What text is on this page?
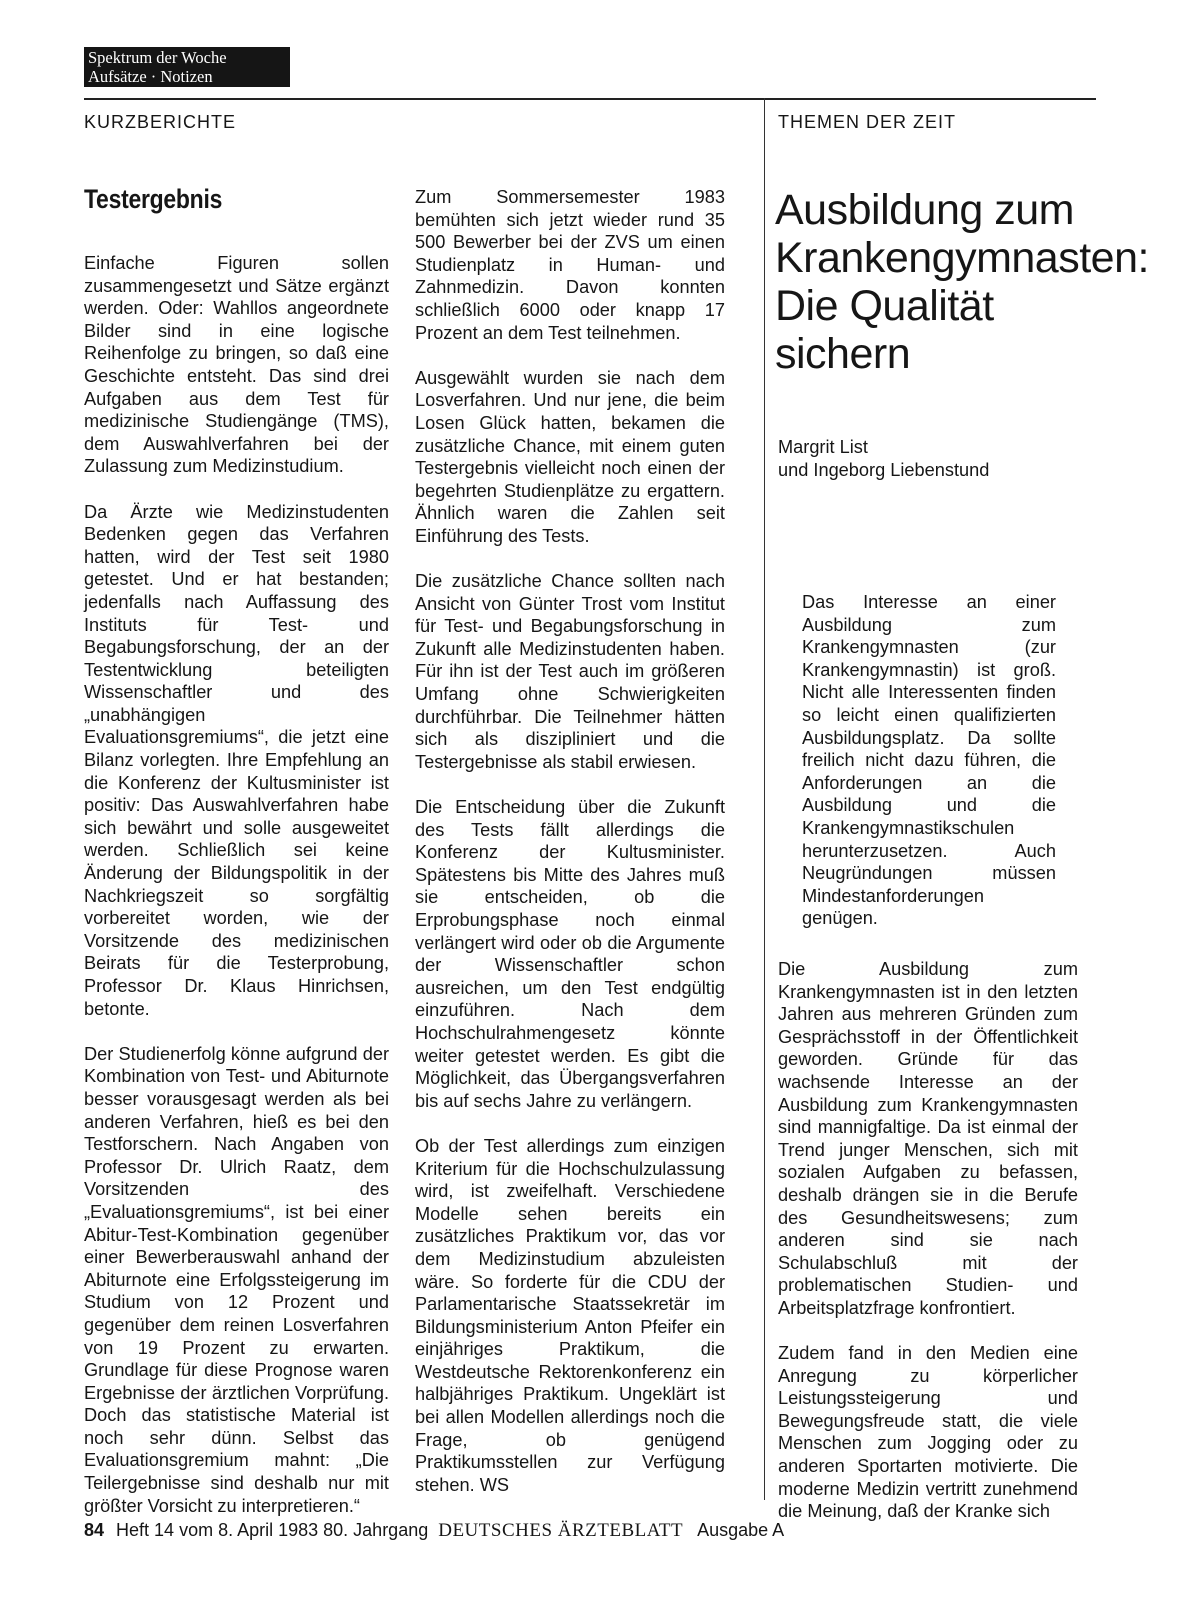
Spektrum der Woche
Aufsätze · Notizen
KURZBERICHTE	THEMEN DER ZEIT
Testergebnis

Einfache Figuren sollen zusammengesetzt und Sätze ergänzt werden. Oder: Wahllos angeordnete Bilder sind in eine logische Reihenfolge zu bringen, so daß eine Geschichte entsteht. Das sind drei Aufgaben aus dem Test für medizinische Studiengänge (TMS), dem Auswahlverfahren bei der Zulassung zum Medizinstudium.

Da Ärzte wie Medizinstudenten Bedenken gegen das Verfahren hatten, wird der Test seit 1980 getestet. Und er hat bestanden; jedenfalls nach Auffassung des Instituts für Test- und Begabungsforschung, der an der Testentwicklung beteiligten Wissenschaftler und des „unabhängigen Evaluationsgremiums“, die jetzt eine Bilanz vorlegten. Ihre Empfehlung an die Konferenz der Kultusminister ist positiv: Das Auswahlverfahren habe sich bewährt und solle ausgeweitet werden. Schließlich sei keine Änderung der Bildungspolitik in der Nachkriegszeit so sorgfältig vorbereitet worden, wie der Vorsitzende des medizinischen Beirats für die Testerprobung, Professor Dr. Klaus Hinrichsen, betonte.

Der Studienerfolg könne aufgrund der Kombination von Test- und Abiturnote besser vorausgesagt werden als bei anderen Verfahren, hieß es bei den Testforschern. Nach Angaben von Professor Dr. Ulrich Raatz, dem Vorsitzenden des „Evaluationsgremiums“, ist bei einer Abitur-Test-Kombination gegenüber einer Bewerberauswahl anhand der Abiturnote eine Erfolgssteigerung im Studium von 12 Prozent und gegenüber dem reinen Losverfahren von 19 Prozent zu erwarten. Grundlage für diese Prognose waren Ergebnisse der ärztlichen Vorprüfung. Doch das statistische Material ist noch sehr dünn. Selbst das Evaluationsgremium mahnt: „Die Teilergebnisse sind deshalb nur mit größter Vorsicht zu interpretieren.“

Zum Sommersemester 1983 bemühten sich jetzt wieder rund 35 500 Bewerber bei der ZVS um einen Studienplatz in Human- und Zahnmedizin. Davon konnten schließlich 6000 oder knapp 17 Prozent an dem Test teilnehmen.

Ausgewählt wurden sie nach dem Losverfahren. Und nur jene, die beim Losen Glück hatten, bekamen die zusätzliche Chance, mit einem guten Testergebnis vielleicht noch einen der begehrten Studienplätze zu ergattern. Ähnlich waren die Zahlen seit Einführung des Tests.

Die zusätzliche Chance sollten nach Ansicht von Günter Trost vom Institut für Test- und Begabungsforschung in Zukunft alle Medizinstudenten haben. Für ihn ist der Test auch im größeren Umfang ohne Schwierigkeiten durchführbar. Die Teilnehmer hätten sich als diszipliniert und die Testergebnisse als stabil erwiesen.

Die Entscheidung über die Zukunft des Tests fällt allerdings die Konferenz der Kultusminister. Spätestens bis Mitte des Jahres muß sie entscheiden, ob die Erprobungsphase noch einmal verlängert wird oder ob die Argumente der Wissenschaftler schon ausreichen, um den Test endgültig einzuführen. Nach dem Hochschulrahmengesetz könnte weiter getestet werden. Es gibt die Möglichkeit, das Übergangsverfahren bis auf sechs Jahre zu verlängern.

Ob der Test allerdings zum einzigen Kriterium für die Hochschulzulassung wird, ist zweifelhaft. Verschiedene Modelle sehen bereits ein zusätzliches Praktikum vor, das vor dem Medizinstudium abzuleisten wäre. So forderte für die CDU der Parlamentarische Staatssekretär im Bildungsministerium Anton Pfeifer ein einjähriges Praktikum, die Westdeutsche Rektorenkonferenz ein halbjähriges Praktikum. Ungeklärt ist bei allen Modellen allerdings noch die Frage, ob genügend Praktikumsstellen zur Verfügung stehen. WS

Ausbildung zum Krankengymnasten: Die Qualität sichern
Margrit List
und Ingeborg Liebenstund

Das Interesse an einer Ausbildung zum Krankengymnasten (zur Krankengymnastin) ist groß. Nicht alle Interessenten finden so leicht einen qualifizierten Ausbildungsplatz. Da sollte freilich nicht dazu führen, die Anforderungen an die Ausbildung und die Krankengymnastikschulen herunterzusetzen. Auch Neugründungen müssen Mindestanforderungen genügen.

Die Ausbildung zum Krankengymnasten ist in den letzten Jahren aus mehreren Gründen zum Gesprächsstoff in der Öffentlichkeit geworden. Gründe für das wachsende Interesse an der Ausbildung zum Krankengymnasten sind mannigfaltige. Da ist einmal der Trend junger Menschen, sich mit sozialen Aufgaben zu befassen, deshalb drängen sie in die Berufe des Gesundheitswesens; zum anderen sind sie nach Schulabschluß mit der problematischen Studien- und Arbeitsplatzfrage konfrontiert.

Zudem fand in den Medien eine Anregung zu körperlicher Leistungssteigerung und Bewegungsfreude statt, die viele Menschen zum Jogging oder zu anderen Sportarten motivierte. Die moderne Medizin vertritt zunehmend die Meinung, daß der Kranke sich

84 Heft 14 vom 8. April 1983 80. Jahrgang DEUTSCHES ÄRZTEBLATT Ausgabe A
